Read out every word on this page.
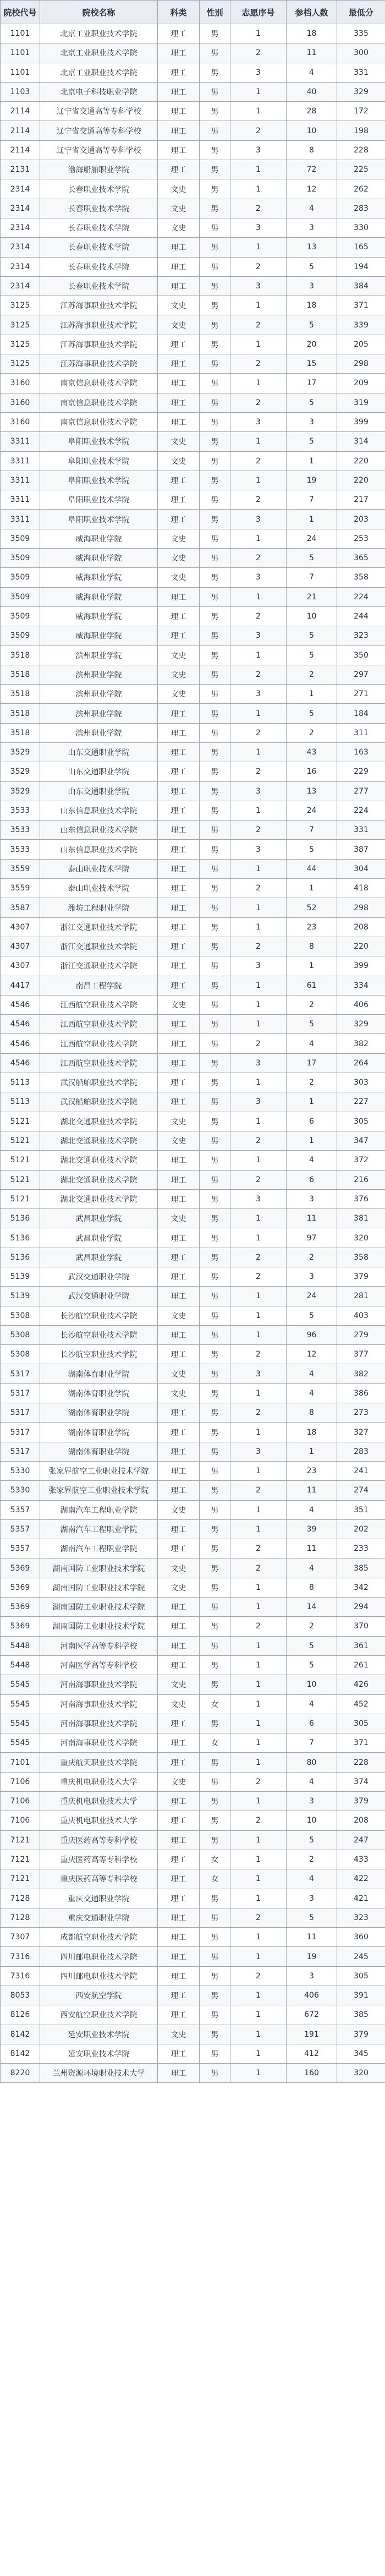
院校代号	院校名称	科类	性别	志愿序号	参档人数	最低分
1101	北京工业职业技术学院	理工	男	1	18	335
1101	北京工业职业技术学院	理工	男	2	11	300
1101	北京工业职业技术学院	理工	男	3	4	331
1103	北京电子科技职业学院	理工	男	1	40	329
2114	辽宁省交通高等专科学校	理工	男	1	28	172
2114	辽宁省交通高等专科学校	理工	男	2	10	198
2114	辽宁省交通高等专科学校	理工	男	3	8	228
2131	渤海船舶职业学院	理工	男	1	72	225
2314	长春职业技术学院	文史	男	1	12	262
2314	长春职业技术学院	文史	男	2	4	283
2314	长春职业技术学院	文史	男	3	3	330
2314	长春职业技术学院	理工	男	1	13	165
2314	长春职业技术学院	理工	男	2	5	194
2314	长春职业技术学院	理工	男	3	3	384
3125	江苏海事职业技术学院	文史	男	1	18	371
3125	江苏海事职业技术学院	文史	男	2	5	339
3125	江苏海事职业技术学院	理工	男	1	20	205
3125	江苏海事职业技术学院	理工	男	2	15	298
3160	南京信息职业技术学院	理工	男	1	17	209
3160	南京信息职业技术学院	理工	男	2	5	319
3160	南京信息职业技术学院	理工	男	3	3	399
3311	阜阳职业技术学院	文史	男	1	5	314
3311	阜阳职业技术学院	文史	男	2	1	220
3311	阜阳职业技术学院	理工	男	1	19	220
3311	阜阳职业技术学院	理工	男	2	7	217
3311	阜阳职业技术学院	理工	男	3	1	203
3509	威海职业学院	文史	男	1	24	253
3509	威海职业学院	文史	男	2	5	365
3509	威海职业学院	文史	男	3	7	358
3509	威海职业学院	理工	男	1	21	224
3509	威海职业学院	理工	男	2	10	244
3509	威海职业学院	理工	男	3	5	323
3518	滨州职业学院	文史	男	1	5	350
3518	滨州职业学院	文史	男	2	2	297
3518	滨州职业学院	文史	男	3	1	271
3518	滨州职业学院	理工	男	1	5	184
3518	滨州职业学院	理工	男	2	2	311
3529	山东交通职业学院	理工	男	1	43	163
3529	山东交通职业学院	理工	男	2	16	229
3529	山东交通职业学院	理工	男	3	13	277
3533	山东信息职业技术学院	理工	男	1	24	224
3533	山东信息职业技术学院	理工	男	2	7	331
3533	山东信息职业技术学院	理工	男	3	5	387
3559	泰山职业技术学院	理工	男	1	44	304
3559	泰山职业技术学院	理工	男	2	1	418
3587	潍坊工程职业学院	理工	男	1	52	298
4307	浙江交通职业技术学院	理工	男	1	23	208
4307	浙江交通职业技术学院	理工	男	2	8	220
4307	浙江交通职业技术学院	理工	男	3	1	399
4417	南昌工程学院	理工	男	1	61	334
4546	江西航空职业技术学院	文史	男	1	2	406
4546	江西航空职业技术学院	理工	男	1	5	329
4546	江西航空职业技术学院	理工	男	2	4	382
4546	江西航空职业技术学院	理工	男	3	17	264
5113	武汉船舶职业技术学院	理工	男	1	2	303
5113	武汉船舶职业技术学院	理工	男	3	1	227
5121	湖北交通职业技术学院	文史	男	1	6	305
5121	湖北交通职业技术学院	文史	男	2	1	347
5121	湖北交通职业技术学院	理工	男	1	4	372
5121	湖北交通职业技术学院	理工	男	2	6	216
5121	湖北交通职业技术学院	理工	男	3	3	376
5136	武昌职业学院	文史	男	1	11	381
5136	武昌职业学院	理工	男	1	97	320
5136	武昌职业学院	理工	男	2	2	358
5139	武汉交通职业学院	理工	男	2	3	379
5139	武汉交通职业学院	理工	男	1	24	281
5308	长沙航空职业技术学院	文史	男	1	5	403
5308	长沙航空职业技术学院	理工	男	1	96	279
5308	长沙航空职业技术学院	理工	男	2	12	377
5317	湖南体育职业学院	文史	男	3	4	382
5317	湖南体育职业学院	文史	男	1	4	386
5317	湖南体育职业学院	理工	男	2	8	273
5317	湖南体育职业学院	理工	男	1	18	327
5317	湖南体育职业学院	理工	男	3	1	283
5330	张家界航空工业职业技术学院	理工	男	1	23	241
5330	张家界航空工业职业技术学院	理工	男	2	11	274
5357	湖南汽车工程职业学院	文史	男	1	4	351
5357	湖南汽车工程职业学院	理工	男	1	39	202
5357	湖南汽车工程职业学院	理工	男	2	11	233
5369	湖南国防工业职业技术学院	文史	男	2	4	385
5369	湖南国防工业职业技术学院	文史	男	1	8	342
5369	湖南国防工业职业技术学院	理工	男	1	14	294
5369	湖南国防工业职业技术学院	理工	男	2	2	370
5448	河南医学高等专科学校	理工	男	1	5	361
5448	河南医学高等专科学校	理工	男	1	5	261
5545	河南海事职业技术学院	文史	男	1	10	426
5545	河南海事职业技术学院	文史	女	1	4	452
5545	河南海事职业技术学院	理工	男	1	6	305
5545	河南海事职业技术学院	理工	女	1	7	371
7101	重庆航天职业技术学院	理工	男	1	80	228
7106	重庆机电职业技术大学	文史	男	2	4	374
7106	重庆机电职业技术大学	理工	男	1	3	379
7106	重庆机电职业技术大学	理工	男	2	10	208
7121	重庆医药高等专科学校	理工	男	1	5	247
7121	重庆医药高等专科学校	理工	女	1	2	433
7121	重庆医药高等专科学校	理工	女	1	4	422
7128	重庆交通职业学院	理工	男	1	3	421
7128	重庆交通职业学院	理工	男	2	5	323
7307	成都航空职业技术学院	理工	男	1	11	360
7316	四川邮电职业技术学院	理工	男	1	19	245
7316	四川邮电职业技术学院	理工	男	2	3	305
8053	西安航空学院	理工	男	1	406	391
8126	西安航空职业技术学院	理工	男	1	672	385
8142	延安职业技术学院	文史	男	1	191	379
8142	延安职业技术学院	理工	男	1	412	345
8220	兰州资源环境职业技术大学	理工	男	1	160	320
